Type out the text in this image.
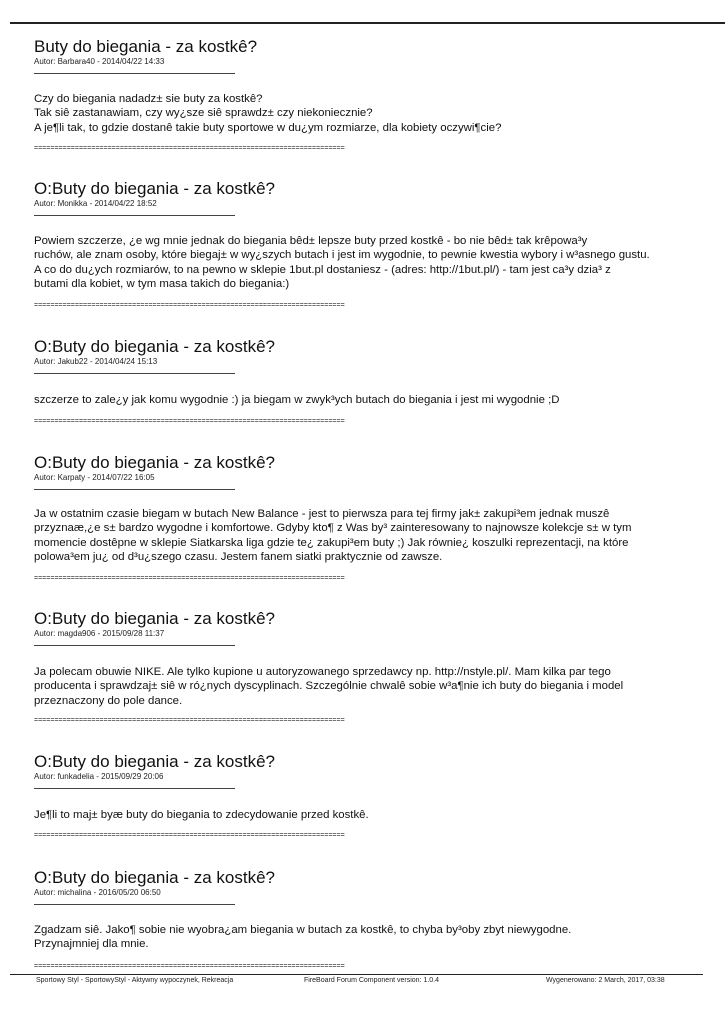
Buty do biegania - za kostkê?
Autor: Barbara40 - 2014/04/22 14:33
Czy do biegania nadadz± sie buty za kostkê?
Tak siê zastanawiam, czy wy¿sze siê sprawdz± czy niekoniecznie?
A je¶li tak, to gdzie dostanê takie buty sportowe w du¿ym rozmiarze, dla kobiety oczywi¶cie?
============================================================================
O:Buty do biegania - za kostkê?
Autor: Monikka - 2014/04/22 18:52
Powiem szczerze, ¿e wg mnie jednak do biegania bêd± lepsze buty przed kostkê - bo nie bêd± tak krêpowa³y
ruchów, ale znam osoby, które biegaj± w wy¿szych butach i jest im wygodnie, to pewnie kwestia wybory i w³asnego gustu.
A co do du¿ych rozmiarów, to na pewno w sklepie 1but.pl dostaniesz - (adres: http://1but.pl/) - tam jest ca³y dzia³ z
butami dla kobiet, w tym masa takich do biegania:)
============================================================================
O:Buty do biegania - za kostkê?
Autor: Jakub22 - 2014/04/24 15:13
szczerze to zale¿y jak komu wygodnie :) ja biegam w zwyk³ych butach do biegania i jest mi wygodnie ;D
============================================================================
O:Buty do biegania - za kostkê?
Autor: Karpaty - 2014/07/22 16:05
Ja w ostatnim czasie biegam w butach New Balance - jest to pierwsza para tej firmy jak± zakupi³em jednak muszê
przyznaæ,¿e s± bardzo wygodne i komfortowe. Gdyby kto¶ z Was by³ zainteresowany to najnowsze kolekcje s± w tym
momencie dostêpne w sklepie Siatkarska liga gdzie te¿ zakupi³em buty ;) Jak równie¿ koszulki reprezentacji, na które
polowa³em ju¿ od d³u¿szego czasu. Jestem fanem siatki praktycznie od zawsze.
============================================================================
O:Buty do biegania - za kostkê?
Autor: magda906 - 2015/09/28 11:37
Ja polecam obuwie NIKE. Ale tylko kupione u autoryzowanego sprzedawcy np. http://nstyle.pl/. Mam kilka par tego
producenta i sprawdzaj± siê w ró¿nych dyscyplinach. Szczególnie chwalê sobie w³a¶nie ich buty do biegania i model
przeznaczony do pole dance.
============================================================================
O:Buty do biegania - za kostkê?
Autor: funkadelia - 2015/09/29 20:06
Je¶li to maj± byæ buty do biegania to zdecydowanie przed kostkê.
============================================================================
O:Buty do biegania - za kostkê?
Autor: michalina - 2016/05/20 06:50
Zgadzam siê. Jako¶ sobie nie wyobra¿am biegania w butach za kostkê, to chyba by³oby zbyt niewygodne.
Przynajmniej dla mnie.
============================================================================
Sportowy Styl - SportowyStyl - Aktywny wypoczynek, Rekreacja	FireBoard Forum Component version: 1.0.4	Wygenerowano: 2 March, 2017, 03:38
